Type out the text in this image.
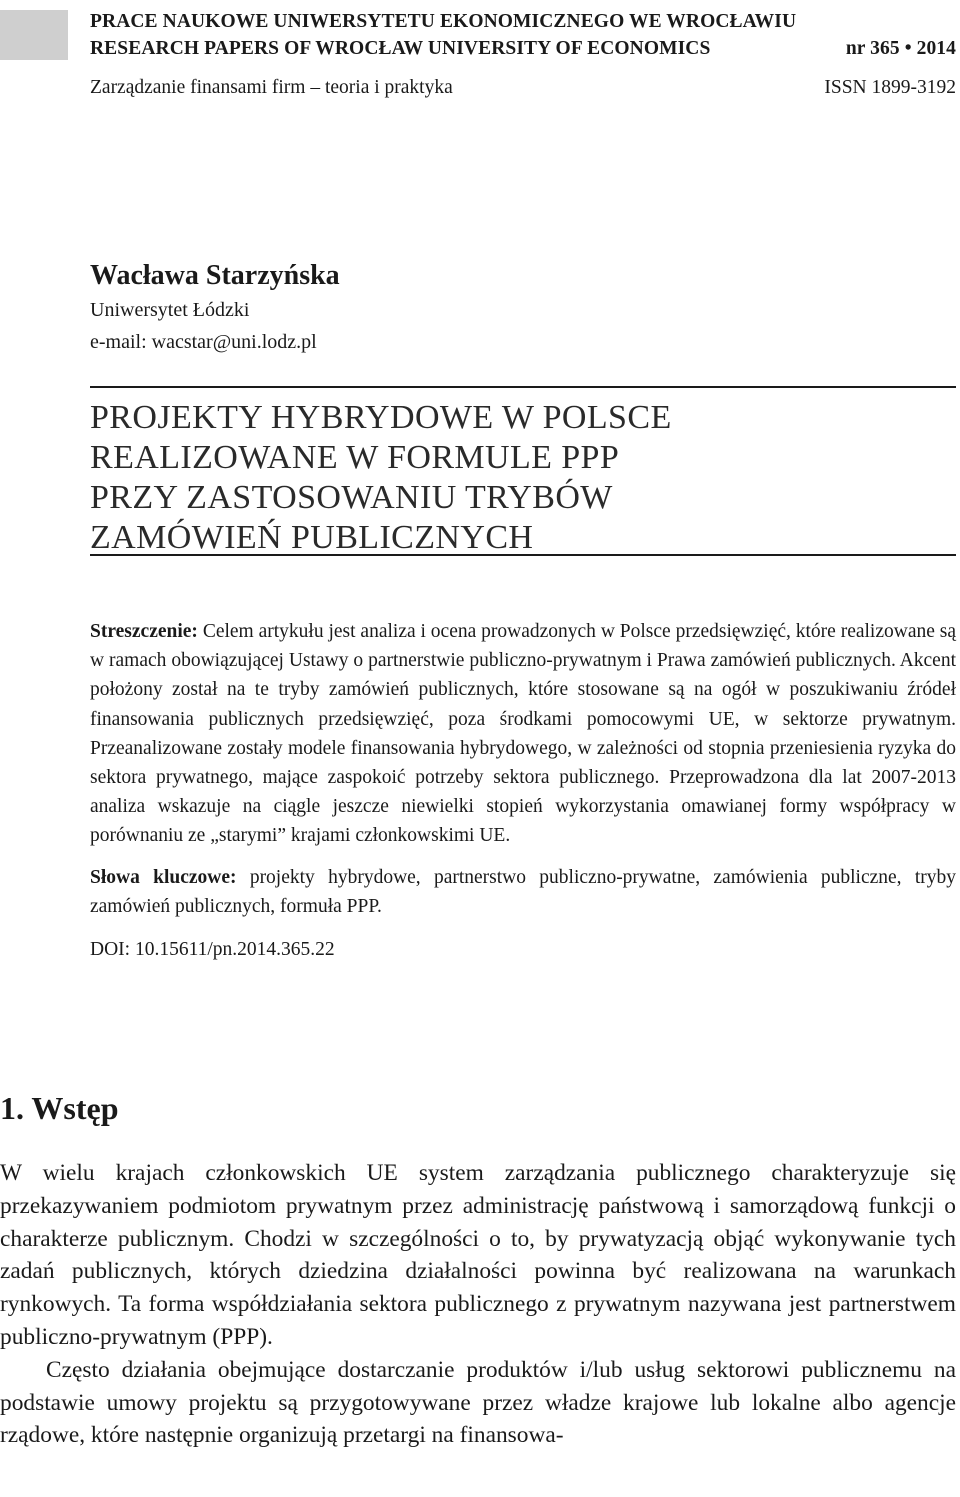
PRACE NAUKOWE UNIWERSYTETU EKONOMICZNEGO WE WROCŁAWIU
RESEARCH PAPERS OF WROCŁAW UNIVERSITY OF ECONOMICS	nr 365 • 2014
Zarządzanie finansami firm – teoria i praktyka	ISSN 1899-3192
Wacława Starzyńska
Uniwersytet Łódzki
e-mail: wacstar@uni.lodz.pl
PROJEKTY HYBRYDOWE W POLSCE
REALIZOWANE W FORMULE PPP
PRZY ZASTOSOWANIU TRYBÓW
ZAMÓWIEŃ PUBLICZNYCH

Streszczenie: Celem artykułu jest analiza i ocena prowadzonych w Polsce przedsięwzięć, które realizowane są w ramach obowiązującej Ustawy o partnerstwie publiczno-prywatnym i Prawa zamówień publicznych. Akcent położony został na te tryby zamówień publicznych, które stosowane są na ogół w poszukiwaniu źródeł finansowania publicznych przedsięwzięć, poza środkami pomocowymi UE, w sektorze prywatnym. Przeanalizowane zostały modele finansowania hybrydowego, w zależności od stopnia przeniesienia ryzyka do sektora prywatnego, mające zaspokoić potrzeby sektora publicznego. Przeprowadzona dla lat 2007-2013 analiza wskazuje na ciągle jeszcze niewielki stopień wykorzystania omawianej formy współpracy w porównaniu ze „starymi” krajami członkowskimi UE.

Słowa kluczowe: projekty hybrydowe, partnerstwo publiczno-prywatne, zamówienia publiczne, tryby zamówień publicznych, formuła PPP.

DOI: 10.15611/pn.2014.365.22

1. Wstęp

W wielu krajach członkowskich UE system zarządzania publicznego charakteryzuje się przekazywaniem podmiotom prywatnym przez administrację państwową i samorządową funkcji o charakterze publicznym. Chodzi w szczególności o to, by prywatyzacją objąć wykonywanie tych zadań publicznych, których dziedzina działalności powinna być realizowana na warunkach rynkowych. Ta forma współdziałania sektora publicznego z prywatnym nazywana jest partnerstwem publiczno-prywatnym (PPP).

Często działania obejmujące dostarczanie produktów i/lub usług sektorowi publicznemu na podstawie umowy projektu są przygotowywane przez władze krajowe lub lokalne albo agencje rządowe, które następnie organizują przetargi na finansowa-
